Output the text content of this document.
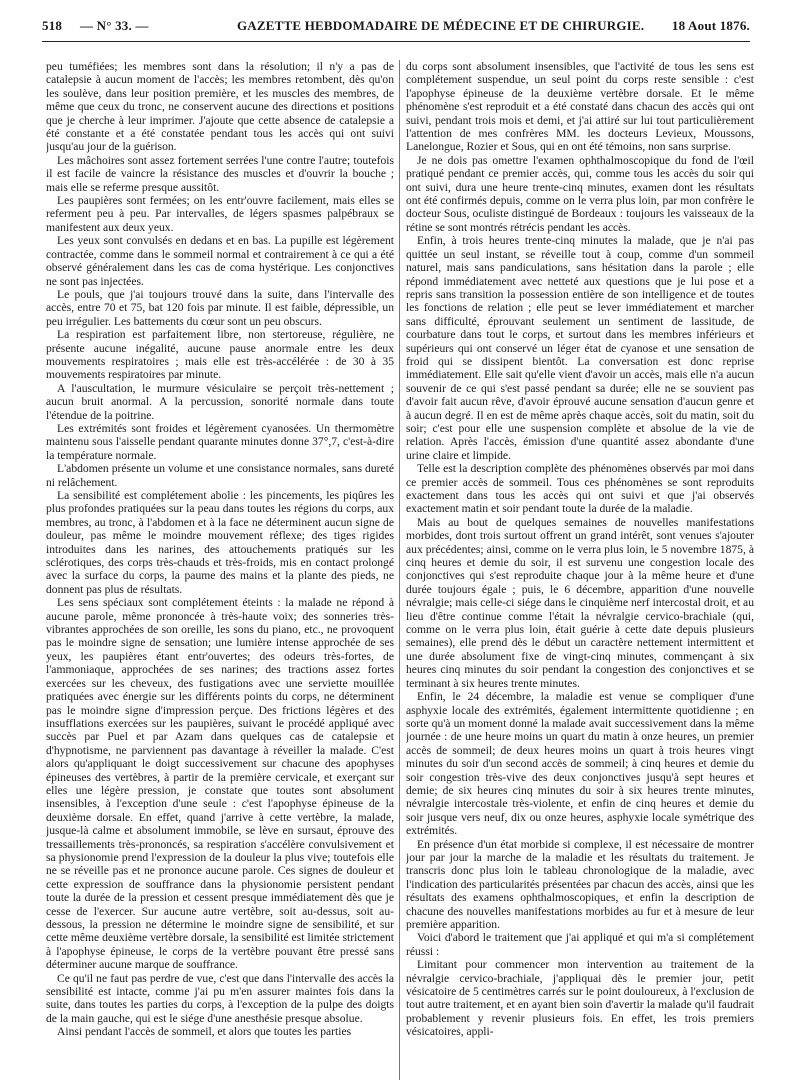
518 — N° 33. —	GAZETTE HEBDOMADAIRE DE MÉDECINE ET DE CHIRURGIE. 18 Aout 1876.

peu tuméfiées; les membres sont dans la résolution; il n'y a pas de catalepsie à aucun moment de l'accès; les membres retombent, dès qu'on les soulève, dans leur position première, et les muscles des membres, de même que ceux du tronc, ne conservent aucune des directions et positions que je cherche à leur imprimer. J'ajoute que cette absence de catalepsie a été constante et a été constatée pendant tous les accès qui ont suivi jusqu'au jour de la guérison.

Les mâchoires sont assez fortement serrées l'une contre l'autre; toutefois il est facile de vaincre la résistance des muscles et d'ouvrir la bouche ; mais elle se referme presque aussitôt.

Les paupières sont fermées; on les entr'ouvre facilement, mais elles se referment peu à peu. Par intervalles, de légers spasmes palpébraux se manifestent aux deux yeux.

Les yeux sont convulsés en dedans et en bas. La pupille est légèrement contractée, comme dans le sommeil normal et contrairement à ce qui a été observé généralement dans les cas de coma hystérique. Les conjonctives ne sont pas injectées.

Le pouls, que j'ai toujours trouvé dans la suite, dans l'intervalle des accès, entre 70 et 75, bat 120 fois par minute. Il est faible, dépressible, un peu irrégulier. Les battements du cœur sont un peu obscurs.

La respiration est parfaitement libre, non stertoreuse, régulière, ne présente aucune inégalité, aucune pause anormale entre les deux mouvements respiratoires ; mais elle est très-accélérée : de 30 à 35 mouvements respiratoires par minute.

A l'auscultation, le murmure vésiculaire se perçoit très-nettement ; aucun bruit anormal. A la percussion, sonorité normale dans toute l'étendue de la poitrine.

Les extrémités sont froides et légèrement cyanosées. Un thermomètre maintenu sous l'aisselle pendant quarante minutes donne 37°,7, c'est-à-dire la température normale.

L'abdomen présente un volume et une consistance normales, sans dureté ni relâchement.

La sensibilité est complétement abolie : les pincements, les piqûres les plus profondes pratiquées sur la peau dans toutes les régions du corps, aux membres, au tronc, à l'abdomen et à la face ne déterminent aucun signe de douleur, pas même le moindre mouvement réflexe; des tiges rigides introduites dans les narines, des attouchements pratiqués sur les sclérotiques, des corps très-chauds et très-froids, mis en contact prolongé avec la surface du corps, la paume des mains et la plante des pieds, ne donnent pas plus de résultats.

Les sens spéciaux sont complétement éteints : la malade ne répond à aucune parole, même prononcée à très-haute voix; des sonneries très-vibrantes approchées de son oreille, les sons du piano, etc., ne provoquent pas le moindre signe de sensation; une lumière intense approchée de ses yeux, les paupières étant entr'ouvertes; des odeurs très-fortes, de l'ammoniaque, approchées de ses narines; des tractions assez fortes exercées sur les cheveux, des fustigations avec une serviette mouillée pratiquées avec énergie sur les différents points du corps, ne déterminent pas le moindre signe d'impression perçue. Des frictions légères et des insufflations exercées sur les paupières, suivant le procédé appliqué avec succès par Puel et par Azam dans quelques cas de catalepsie et d'hypnotisme, ne parviennent pas davantage à réveiller la malade. C'est alors qu'appliquant le doigt successivement sur chacune des apophyses épineuses des vertèbres, à partir de la première cervicale, et exerçant sur elles une légère pression, je constate que toutes sont absolument insensibles, à l'exception d'une seule : c'est l'apophyse épineuse de la deuxième dorsale. En effet, quand j'arrive à cette vertèbre, la malade, jusque-là calme et absolument immobile, se lève en sursaut, éprouve des tressaillements très-prononcés, sa respiration s'accélère convulsivement et sa physionomie prend l'expression de la douleur la plus vive; toutefois elle ne se réveille pas et ne prononce aucune parole. Ces signes de douleur et cette expression de souffrance dans la physionomie persistent pendant toute la durée de la pression et cessent presque immédiatement dès que je cesse de l'exercer. Sur aucune autre vertèbre, soit au-dessus, soit au-dessous, la pression ne détermine le moindre signe de sensibilité, et sur cette même deuxième vertèbre dorsale, la sensibilité est limitée strictement à l'apophyse épineuse, le corps de la vertèbre pouvant être pressé sans déterminer aucune marque de souffrance.

Ce qu'il ne faut pas perdre de vue, c'est que dans l'intervalle des accès la sensibilité est intacte, comme j'ai pu m'en assurer maintes fois dans la suite, dans toutes les parties du corps, à l'exception de la pulpe des doigts de la main gauche, qui est le siége d'une anesthésie presque absolue.

Ainsi pendant l'accès de sommeil, et alors que toutes les parties

du corps sont absolument insensibles, que l'activité de tous les sens est complétement suspendue, un seul point du corps reste sensible : c'est l'apophyse épineuse de la deuxième vertèbre dorsale. Et le même phénomène s'est reproduit et a été constaté dans chacun des accès qui ont suivi, pendant trois mois et demi, et j'ai attiré sur lui tout particulièrement l'attention de mes confrères MM. les docteurs Levieux, Moussons, Lanelongue, Rozier et Sous, qui en ont été témoins, non sans surprise.

Je ne dois pas omettre l'examen ophthalmoscopique du fond de l'œil pratiqué pendant ce premier accès, qui, comme tous les accès du soir qui ont suivi, dura une heure trente-cinq minutes, examen dont les résultats ont été confirmés depuis, comme on le verra plus loin, par mon confrère le docteur Sous, oculiste distingué de Bordeaux : toujours les vaisseaux de la rétine se sont montrés rétrécis pendant les accès.

Enfin, à trois heures trente-cinq minutes la malade, que je n'ai pas quittée un seul instant, se réveille tout à coup, comme d'un sommeil naturel, mais sans pandiculations, sans hésitation dans la parole ; elle répond immédiatement avec netteté aux questions que je lui pose et a repris sans transition la possession entière de son intelligence et de toutes les fonctions de relation ; elle peut se lever immédiatement et marcher sans difficulté, éprouvant seulement un sentiment de lassitude, de courbature dans tout le corps, et surtout dans les membres inférieurs et supérieurs qui ont conservé un léger état de cyanose et une sensation de froid qui se dissipent bientôt. La conversation est donc reprise immédiatement. Elle sait qu'elle vient d'avoir un accès, mais elle n'a aucun souvenir de ce qui s'est passé pendant sa durée; elle ne se souvient pas d'avoir fait aucun rêve, d'avoir éprouvé aucune sensation d'aucun genre et à aucun degré. Il en est de même après chaque accès, soit du matin, soit du soir; c'est pour elle une suspension complète et absolue de la vie de relation. Après l'accès, émission d'une quantité assez abondante d'une urine claire et limpide.

Telle est la description complète des phénomènes observés par moi dans ce premier accès de sommeil. Tous ces phénomènes se sont reproduits exactement dans tous les accès qui ont suivi et que j'ai observés exactement matin et soir pendant toute la durée de la maladie.

Mais au bout de quelques semaines de nouvelles manifestations morbides, dont trois surtout offrent un grand intérêt, sont venues s'ajouter aux précédentes; ainsi, comme on le verra plus loin, le 5 novembre 1875, à cinq heures et demie du soir, il est survenu une congestion locale des conjonctives qui s'est reproduite chaque jour à la même heure et d'une durée toujours égale ; puis, le 6 décembre, apparition d'une nouvelle névralgie; mais celle-ci siége dans le cinquième nerf intercostal droit, et au lieu d'être continue comme l'était la névralgie cervico-brachiale (qui, comme on le verra plus loin, était guérie à cette date depuis plusieurs semaines), elle prend dès le début un caractère nettement intermittent et une durée absolument fixe de vingt-cinq minutes, commençant à six heures cinq minutes du soir pendant la congestion des conjonctives et se terminant à six heures trente minutes.

Enfin, le 24 décembre, la maladie est venue se compliquer d'une asphyxie locale des extrémités, également intermittente quotidienne ; en sorte qu'à un moment donné la malade avait successivement dans la même journée : de une heure moins un quart du matin à onze heures, un premier accès de sommeil; de deux heures moins un quart à trois heures vingt minutes du soir d'un second accès de sommeil; à cinq heures et demie du soir congestion très-vive des deux conjonctives jusqu'à sept heures et demie; de six heures cinq minutes du soir à six heures trente minutes, névralgie intercostale très-violente, et enfin de cinq heures et demie du soir jusque vers neuf, dix ou onze heures, asphyxie locale symétrique des extrémités.

En présence d'un état morbide si complexe, il est nécessaire de montrer jour par jour la marche de la maladie et les résultats du traitement. Je transcris donc plus loin le tableau chronologique de la maladie, avec l'indication des particularités présentées par chacun des accès, ainsi que les résultats des examens ophthalmoscopiques, et enfin la description de chacune des nouvelles manifestations morbides au fur et à mesure de leur première apparition.

Voici d'abord le traitement que j'ai appliqué et qui m'a si complétement réussi :

Limitant pour commencer mon intervention au traitement de la névralgie cervico-brachiale, j'appliquai dès le premier jour, petit vésicatoire de 5 centimètres carrés sur le point douloureux, à l'exclusion de tout autre traitement, et en ayant bien soin d'avertir la malade qu'il faudrait probablement y revenir plusieurs fois. En effet, les trois premiers vésicatoires, appli-
